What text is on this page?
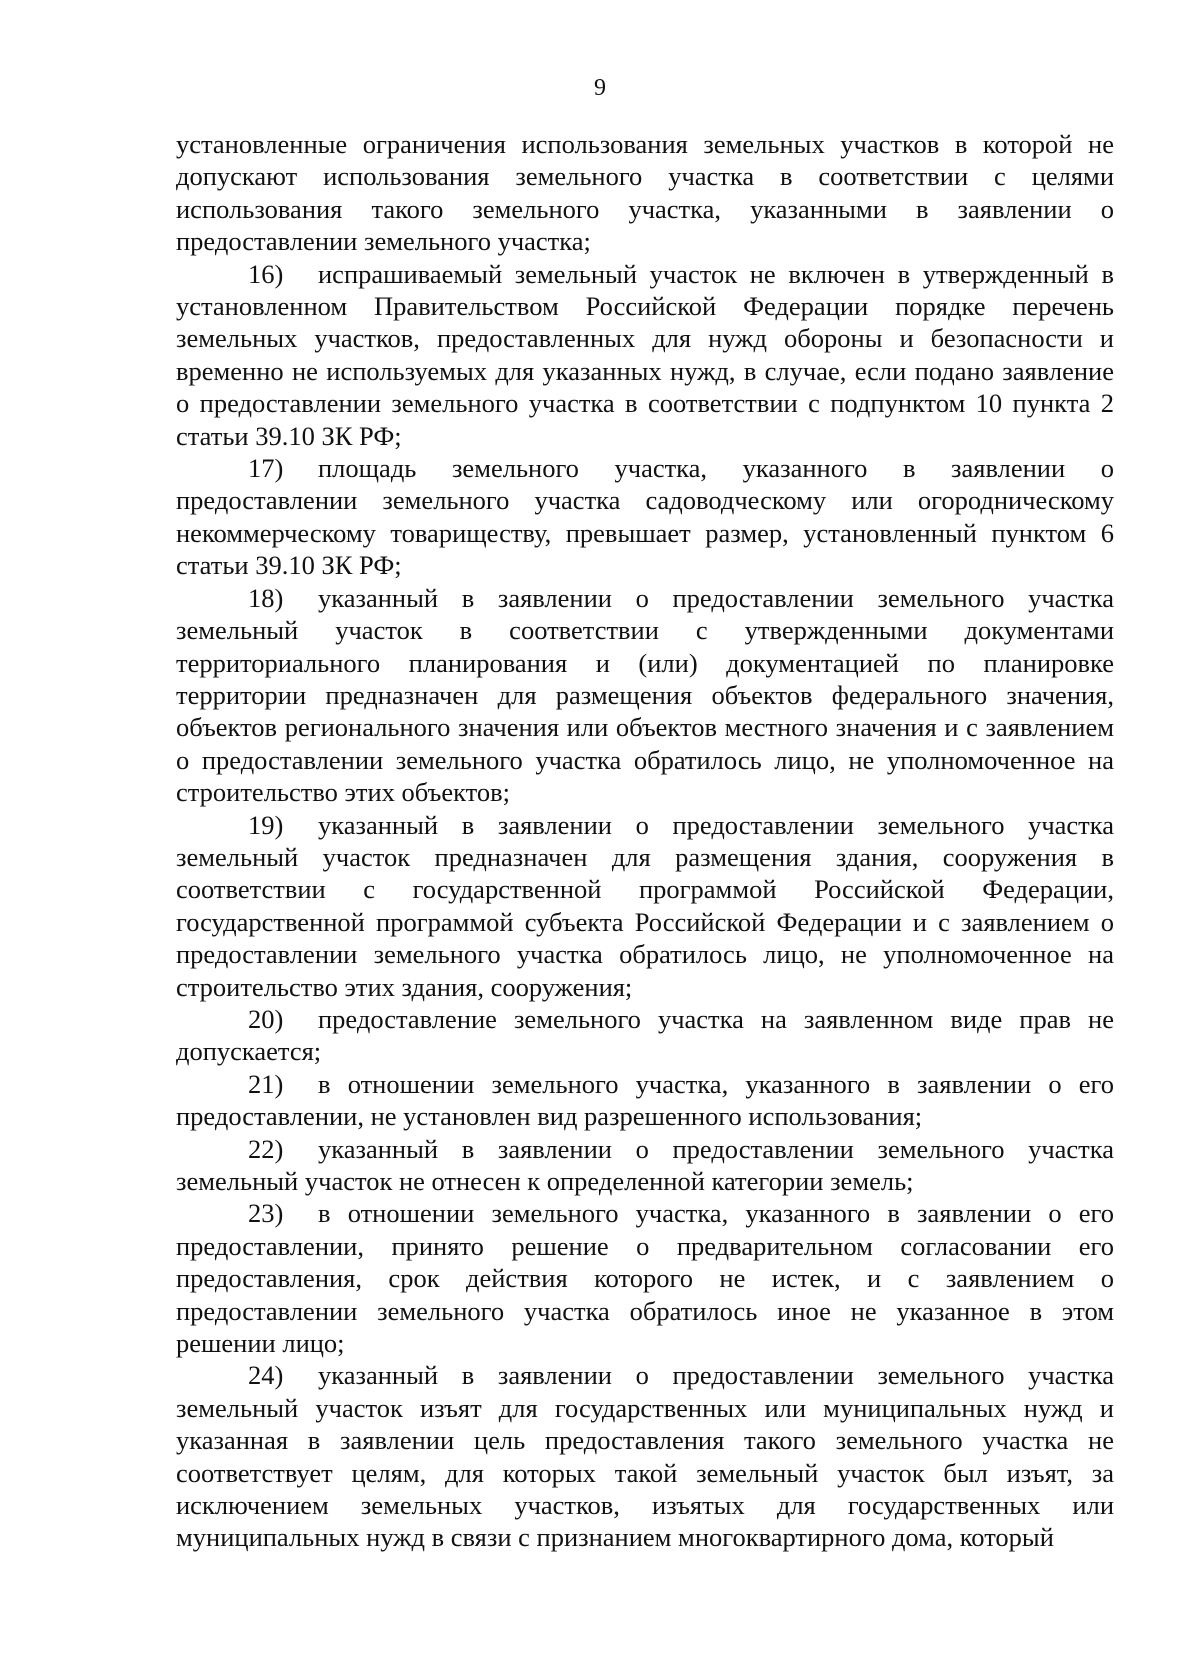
9

установленные ограничения использования земельных участков в которой не допускают использования земельного участка в соответствии с целями использования такого земельного участка, указанными в заявлении о предоставлении земельного участка;

16) испрашиваемый земельный участок не включен в утвержденный в установленном Правительством Российской Федерации порядке перечень земельных участков, предоставленных для нужд обороны и безопасности и временно не используемых для указанных нужд, в случае, если подано заявление о предоставлении земельного участка в соответствии с подпунктом 10 пункта 2 статьи 39.10 ЗК РФ;

17) площадь земельного участка, указанного в заявлении о предоставлении земельного участка садоводческому или огородническому некоммерческому товариществу, превышает размер, установленный пунктом 6 статьи 39.10 ЗК РФ;

18) указанный в заявлении о предоставлении земельного участка земельный участок в соответствии с утвержденными документами территориального планирования и (или) документацией по планировке территории предназначен для размещения объектов федерального значения, объектов регионального значения или объектов местного значения и с заявлением о предоставлении земельного участка обратилось лицо, не уполномоченное на строительство этих объектов;

19) указанный в заявлении о предоставлении земельного участка земельный участок предназначен для размещения здания, сооружения в соответствии с государственной программой Российской Федерации, государственной программой субъекта Российской Федерации и с заявлением о предоставлении земельного участка обратилось лицо, не уполномоченное на строительство этих здания, сооружения;

20) предоставление земельного участка на заявленном виде прав не допускается;

21) в отношении земельного участка, указанного в заявлении о его предоставлении, не установлен вид разрешенного использования;

22) указанный в заявлении о предоставлении земельного участка земельный участок не отнесен к определенной категории земель;

23) в отношении земельного участка, указанного в заявлении о его предоставлении, принято решение о предварительном согласовании его предоставления, срок действия которого не истек, и с заявлением о предоставлении земельного участка обратилось иное не указанное в этом решении лицо;

24) указанный в заявлении о предоставлении земельного участка земельный участок изъят для государственных или муниципальных нужд и указанная в заявлении цель предоставления такого земельного участка не соответствует целям, для которых такой земельный участок был изъят, за исключением земельных участков, изъятых для государственных или муниципальных нужд в связи с признанием многоквартирного дома, который
